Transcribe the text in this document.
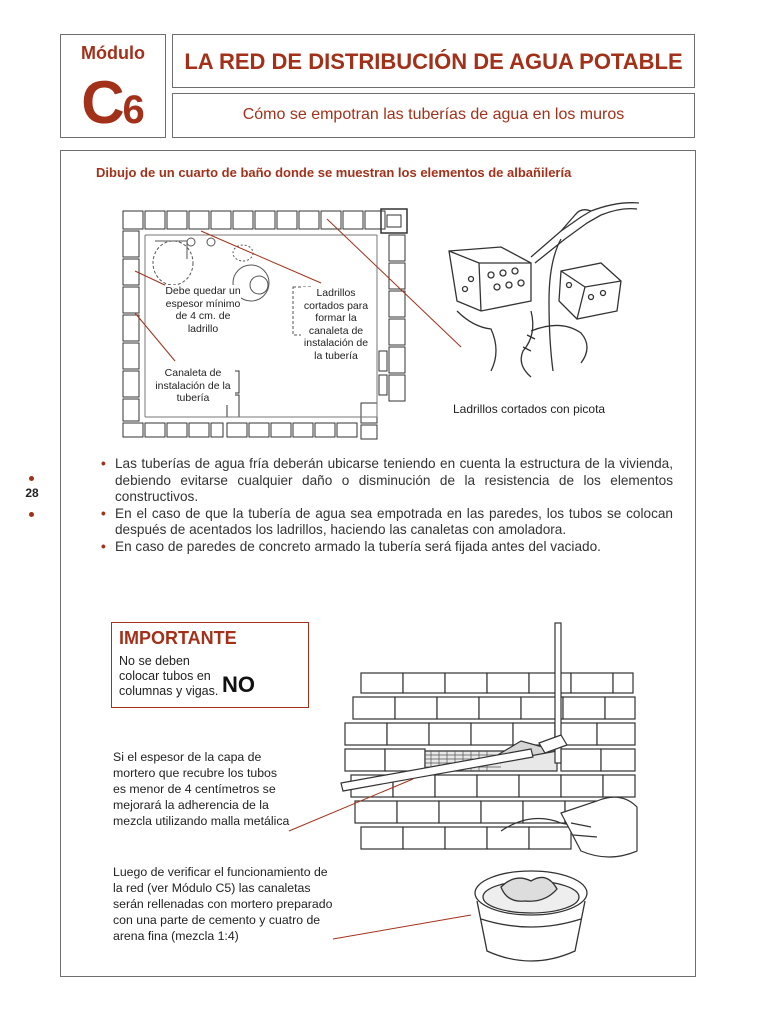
Módulo
C6
LA RED DE DISTRIBUCIÓN DE AGUA POTABLE
Cómo se empotran las tuberías de agua en los muros
28
Dibujo de un cuarto de baño donde se muestran los elementos de albañilería
Debe quedar un espesor mínimo de 4 cm. de ladrillo
Ladrillos cortados para formar la canaleta de instalación de la tubería
Canaleta de instalación de la tubería
Ladrillos cortados con picota
• Las tuberías de agua fría deberán ubicarse teniendo en cuenta la estructura de la vivienda, debiendo evitarse cualquier daño o disminución de la resistencia de los elementos constructivos.
• En el caso de que la tubería de agua sea empotrada en las paredes, los tubos se colocan después de acentados los ladrillos, haciendo las canaletas con amoladora.
• En caso de paredes de concreto armado la tubería será fijada antes del vaciado.
IMPORTANTE
No se deben colocar tubos en columnas y vigas. NO
Si el espesor de la capa de mortero que recubre los tubos es menor de 4 centímetros se mejorará la adherencia de la mezcla utilizando malla metálica
Luego de verificar el funcionamiento de la red (ver Módulo C5) las canaletas serán rellenadas con mortero preparado con una parte de cemento y cuatro de arena fina (mezcla 1:4)
